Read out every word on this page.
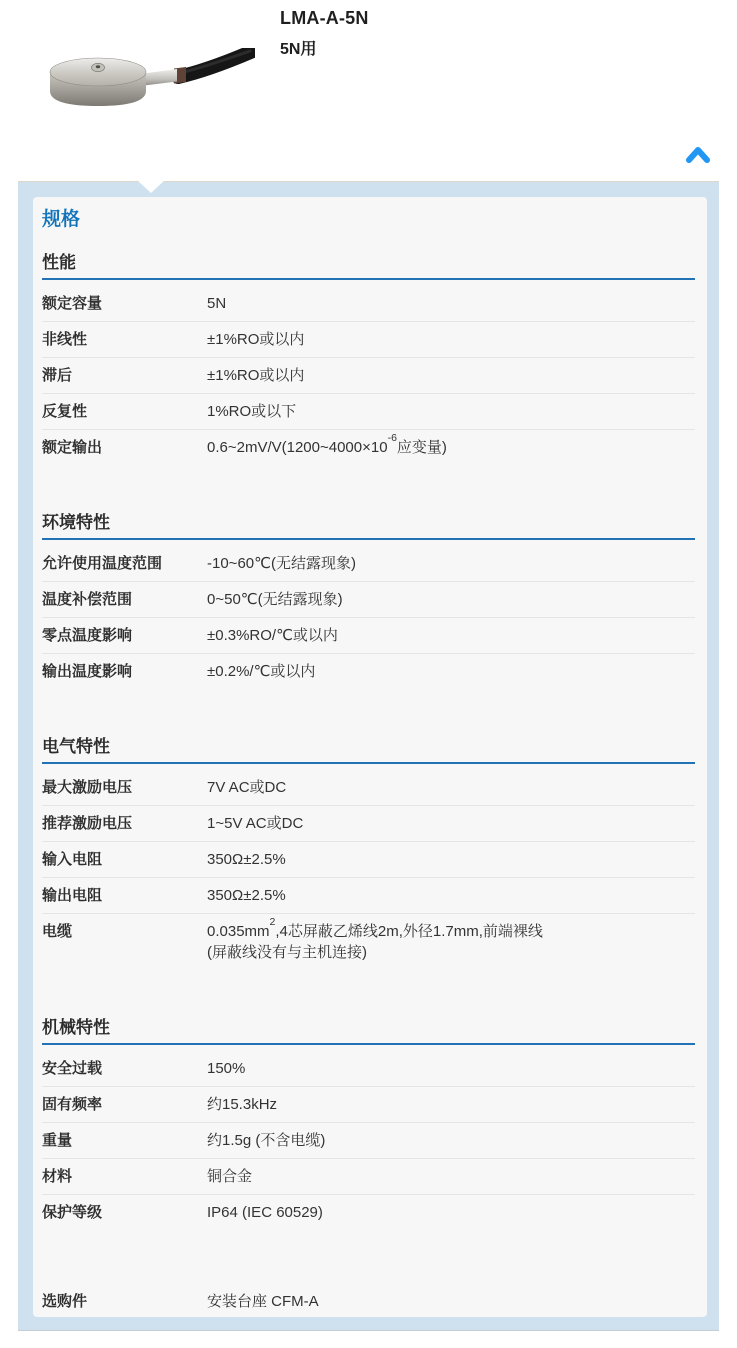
LMA-A-5N
5N用
规格
性能
额定容量	5N
非线性	±1%RO或以内
滞后	±1%RO或以内
反复性	1%RO或以下
额定输出	$0.6\sim 2mV/V(1200\sim 4000\times 10^{-6}$应变量)
环境特性
允许使用温度范围	-10~60℃(无结露现象)
温度补偿范围	0~50℃(无结露现象)
零点温度影响	±0.3%RO/℃或以内
输出温度影响	±0.2%/℃或以内
电气特性
最大激励电压	7V AC或DC
推荐激励电压	1~5V AC或DC
输入电阻	350Ω±2.5%
输出电阻	350Ω±2.5%
电缆	$0.035mm^2,4$芯屏蔽乙烯线2m,外径1.7mm,前端裸线
(屏蔽线没有与主机连接)
机械特性
安全过载	150%
固有频率	约15.3kHz
重量	约1.5g (不含电缆)
材料	铜合金
保护等级	IP64 (IEC 60529)
选购件	安装台座 CFM-A
